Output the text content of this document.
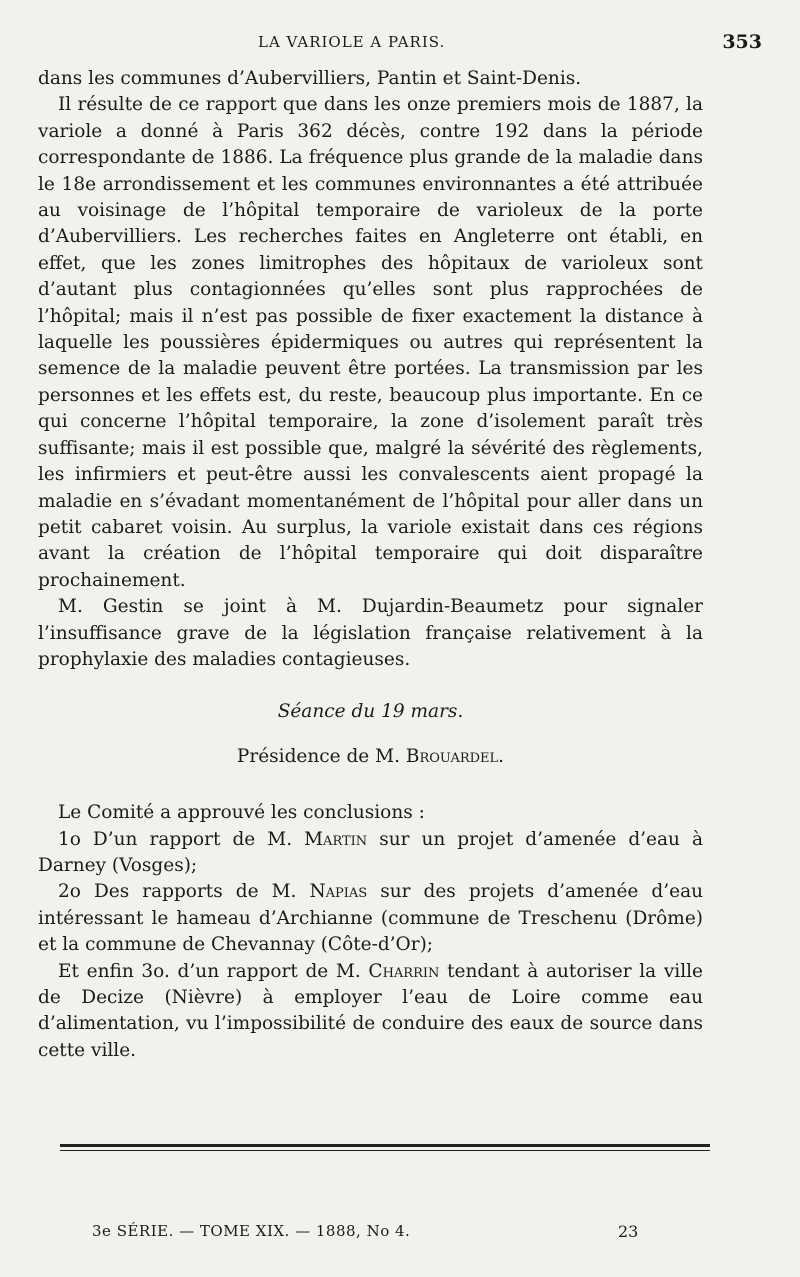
LA VARIOLE A PARIS.	353

dans les communes d’Aubervilliers, Pantin et Saint-Denis.

Il résulte de ce rapport que dans les onze premiers mois de 1887, la variole a donné à Paris 362 décès, contre 192 dans la période correspondante de 1886. La fréquence plus grande de la maladie dans le 18e arrondissement et les communes environnantes a été attribuée au voisinage de l’hôpital temporaire de varioleux de la porte d’Aubervilliers. Les recherches faites en Angleterre ont établi, en effet, que les zones limitrophes des hôpitaux de varioleux sont d’autant plus contagionnées qu’elles sont plus rapprochées de l’hôpital; mais il n’est pas possible de fixer exactement la distance à laquelle les poussières épidermiques ou autres qui représentent la semence de la maladie peuvent être portées. La transmission par les personnes et les effets est, du reste, beaucoup plus importante. En ce qui concerne l’hôpital temporaire, la zone d’isolement paraît très suffisante; mais il est possible que, malgré la sévérité des règlements, les infirmiers et peut-être aussi les convalescents aient propagé la maladie en s’évadant momentanément de l’hôpital pour aller dans un petit cabaret voisin. Au surplus, la variole existait dans ces régions avant la création de l’hôpital temporaire qui doit disparaître prochainement.

M. Gestin se joint à M. Dujardin-Beaumetz pour signaler l’insuffisance grave de la législation française relativement à la prophylaxie des maladies contagieuses.

Séance du 19 mars.

Présidence de M. Brouardel.

Le Comité a approuvé les conclusions :

1o D’un rapport de M. Martin sur un projet d’amenée d’eau à Darney (Vosges);

2o Des rapports de M. Napias sur des projets d’amenée d’eau intéressant le hameau d’Archianne (commune de Treschenu (Drôme) et la commune de Chevannay (Côte-d’Or);

Et enfin 3o. d’un rapport de M. Charrin tendant à autoriser la ville de Decize (Nièvre) à employer l’eau de Loire comme eau d’alimentation, vu l’impossibilité de conduire des eaux de source dans cette ville.

3e SÉRIE. — TOME XIX. — 1888, No 4.	23
